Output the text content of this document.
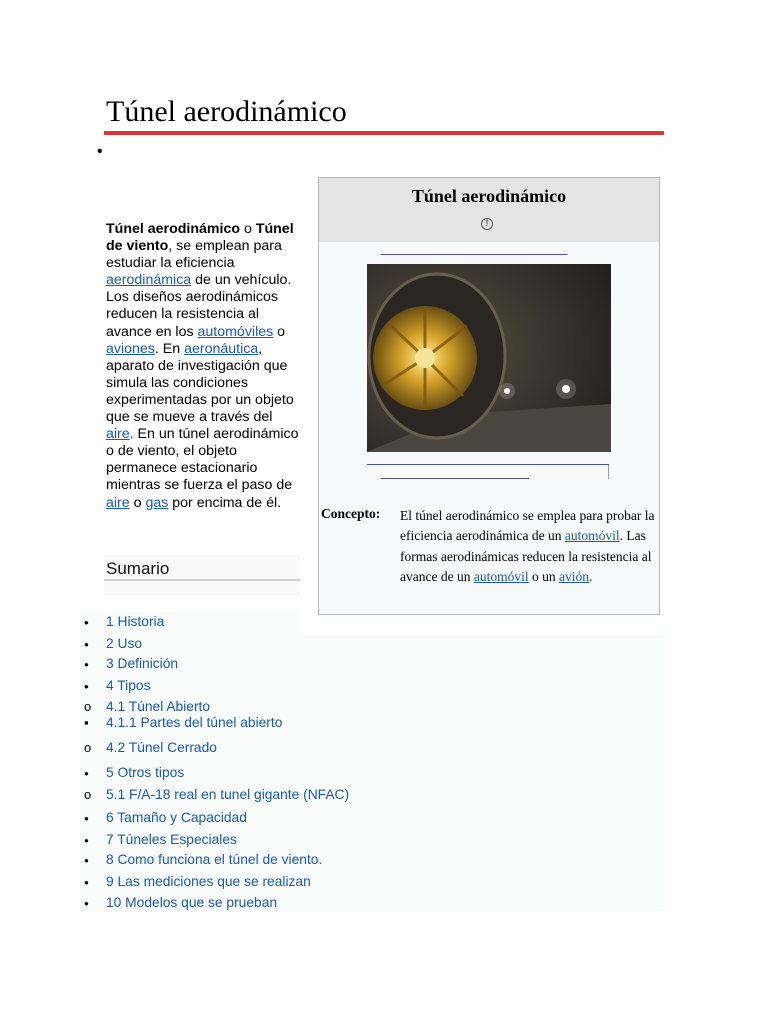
Túnel aerodinámico
•
Túnel aerodinámico o Túnel de viento, se emplean para estudiar la eficiencia aerodinámica de un vehículo. Los diseños aerodinámicos reducen la resistencia al avance en los automóviles o aviones. En aeronáutica, aparato de investigación que simula las condiciones experimentadas por un objeto que se mueve a través del aire. En un túnel aerodinámico o de viento, el objeto permanece estacionario mientras se fuerza el paso de aire o gas por encima de él.
Túnel aerodinámico
!
Concepto:	El túnel aerodinámico se emplea para probar la eficiencia aerodinámica de un automóvil. Las formas aerodinámicas reducen la resistencia al avance de un automóvil o un avión.
Sumario
● 1 Historia
● 2 Uso
● 3 Definición
● 4 Tipos
o 4.1 Túnel Abierto
▪ 4.1.1 Partes del túnel abierto
o 4.2 Túnel Cerrado
● 5 Otros tipos
o 5.1 F/A-18 real en tunel gigante (NFAC)
● 6 Tamaño y Capacidad
● 7 Túneles Especiales
● 8 Como funciona el túnel de viento.
● 9 Las mediciones que se realizan
● 10 Modelos que se prueban
